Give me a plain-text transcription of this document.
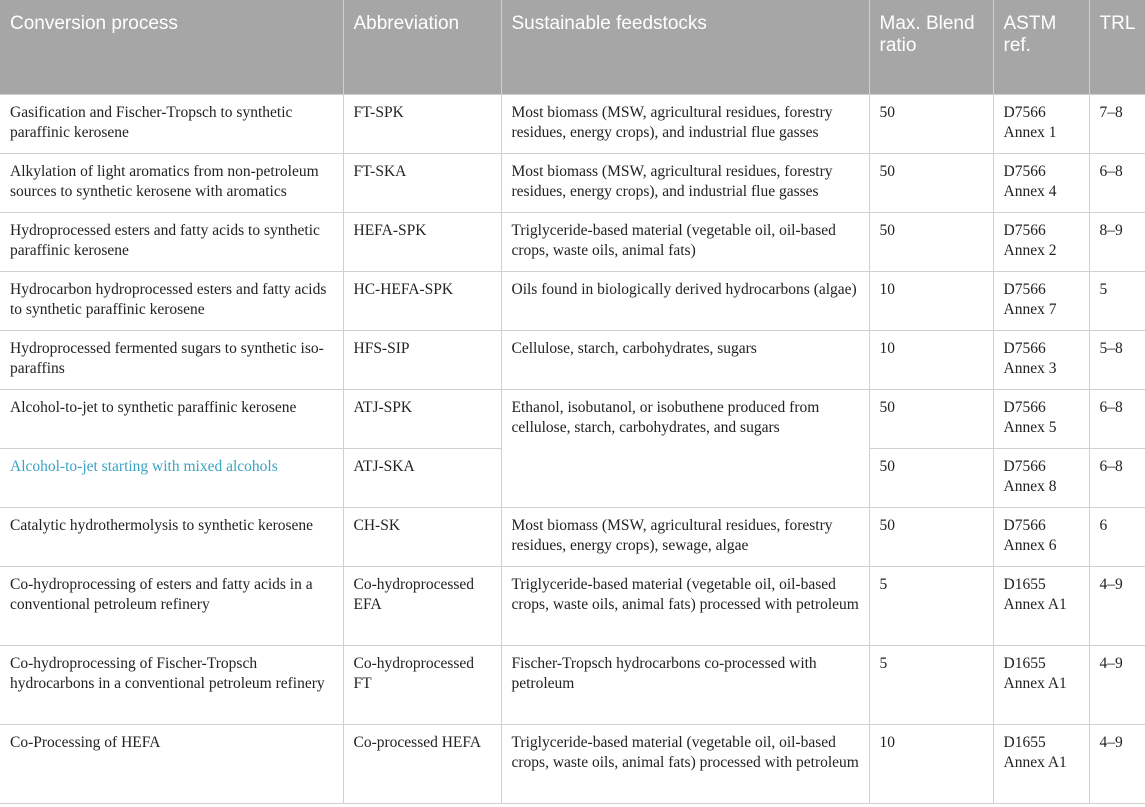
Conversion process	Abbreviation	Sustainable feedstocks	Max. Blend ratio	ASTM ref.	TRL
Gasification and Fischer-Tropsch to synthetic paraffinic kerosene	FT-SPK	Most biomass (MSW, agricultural residues, forestry residues, energy crops), and industrial flue gasses	50	D7566 Annex 1	7–8
Alkylation of light aromatics from non-petroleum sources to synthetic kerosene with aromatics	FT-SKA	Most biomass (MSW, agricultural residues, forestry residues, energy crops), and industrial flue gasses	50	D7566 Annex 4	6–8
Hydroprocessed esters and fatty acids to synthetic paraffinic kerosene	HEFA-SPK	Triglyceride-based material (vegetable oil, oil-based crops, waste oils, animal fats)	50	D7566 Annex 2	8–9
Hydrocarbon hydroprocessed esters and fatty acids to synthetic paraffinic kerosene	HC-HEFA-SPK	Oils found in biologically derived hydrocarbons (algae)	10	D7566 Annex 7	5
Hydroprocessed fermented sugars to synthetic iso-paraffins	HFS-SIP	Cellulose, starch, carbohydrates, sugars	10	D7566 Annex 3	5–8
Alcohol-to-jet to synthetic paraffinic kerosene	ATJ-SPK	Ethanol, isobutanol, or isobuthene produced from cellulose, starch, carbohydrates, and sugars	50	D7566 Annex 5	6–8
Alcohol-to-jet starting with mixed alcohols	ATJ-SKA		50	D7566 Annex 8	6–8
Catalytic hydrothermolysis to synthetic kerosene	CH-SK	Most biomass (MSW, agricultural residues, forestry residues, energy crops), sewage, algae	50	D7566 Annex 6	6
Co-hydroprocessing of esters and fatty acids in a conventional petroleum refinery	Co-hydroprocessed EFA	Triglyceride-based material (vegetable oil, oil-based crops, waste oils, animal fats) processed with petroleum	5	D1655 Annex A1	4–9
Co-hydroprocessing of Fischer-Tropsch hydrocarbons in a conventional petroleum refinery	Co-hydroprocessed FT	Fischer-Tropsch hydrocarbons co-processed with petroleum	5	D1655 Annex A1	4–9
Co-Processing of HEFA	Co-processed HEFA	Triglyceride-based material (vegetable oil, oil-based crops, waste oils, animal fats) processed with petroleum	10	D1655 Annex A1	4–9
